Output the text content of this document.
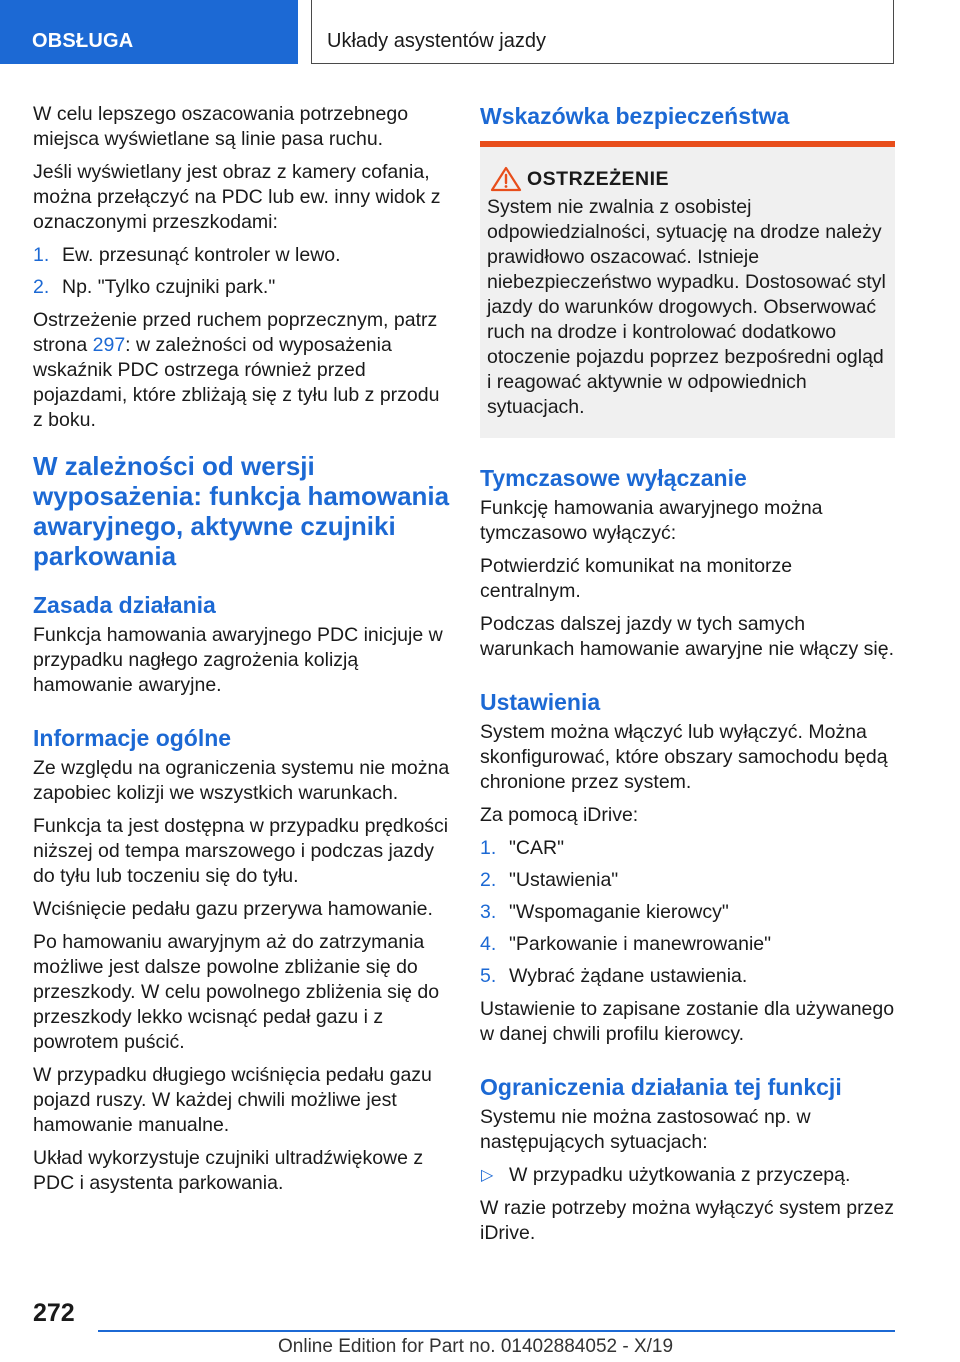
OBSŁUGA	Układy asystentów jazdy

W celu lepszego oszacowania potrzebnego miejsca wyświetlane są linie pasa ruchu.

Jeśli wyświetlany jest obraz z kamery cofania, można przełączyć na PDC lub ew. inny widok z oznaczonymi przeszkodami:

1. Ew. przesunąć kontroler w lewo.
2. Np. "Tylko czujniki park."

Ostrzeżenie przed ruchem poprzecznym, patrz strona 297: w zależności od wyposażenia wskaźnik PDC ostrzega również przed pojazdami, które zbliżają się z tyłu lub z przodu z boku.

W zależności od wersji wyposażenia: funkcja hamowania awaryjnego, aktywne czujniki parkowania
Zasada działania

Funkcja hamowania awaryjnego PDC inicjuje w przypadku nagłego zagrożenia kolizją hamowanie awaryjne.

Informacje ogólne

Ze względu na ograniczenia systemu nie można zapobiec kolizji we wszystkich warunkach.

Funkcja ta jest dostępna w przypadku prędkości niższej od tempa marszowego i podczas jazdy do tyłu lub toczeniu się do tyłu.

Wciśnięcie pedału gazu przerywa hamowanie.

Po hamowaniu awaryjnym aż do zatrzymania możliwe jest dalsze powolne zbliżanie się do przeszkody. W celu powolnego zbliżenia się do przeszkody lekko wcisnąć pedał gazu i z powrotem puścić.

W przypadku długiego wciśnięcia pedału gazu pojazd ruszy. W każdej chwili możliwe jest hamowanie manualne.

Układ wykorzystuje czujniki ultradźwiękowe z PDC i asystenta parkowania.

Wskazówka bezpieczeństwa
OSTRZEŻENIE

System nie zwalnia z osobistej odpowiedzialności, sytuację na drodze należy prawidłowo oszacować. Istnieje niebezpieczeństwo wypadku. Dostosować styl jazdy do warunków drogowych. Obserwować ruch na drodze i kontrolować dodatkowo otoczenie pojazdu poprzez bezpośredni ogląd i reagować aktywnie w odpowiednich sytuacjach.

Tymczasowe wyłączanie

Funkcję hamowania awaryjnego można tymczasowo wyłączyć:

Potwierdzić komunikat na monitorze centralnym.

Podczas dalszej jazdy w tych samych warunkach hamowanie awaryjne nie włączy się.

Ustawienia

System można włączyć lub wyłączyć. Można skonfigurować, które obszary samochodu będą chronione przez system.

Za pomocą iDrive:

1. "CAR"
2. "Ustawienia"
3. "Wspomaganie kierowcy"
4. "Parkowanie i manewrowanie"
5. Wybrać żądane ustawienia.

Ustawienie to zapisane zostanie dla używanego w danej chwili profilu kierowcy.

Ograniczenia działania tej funkcji

Systemu nie można zastosować np. w następujących sytuacjach:

▷ W przypadku użytkowania z przyczepą.

W razie potrzeby można wyłączyć system przez iDrive.

272
Online Edition for Part no. 01402884052 - X/19
